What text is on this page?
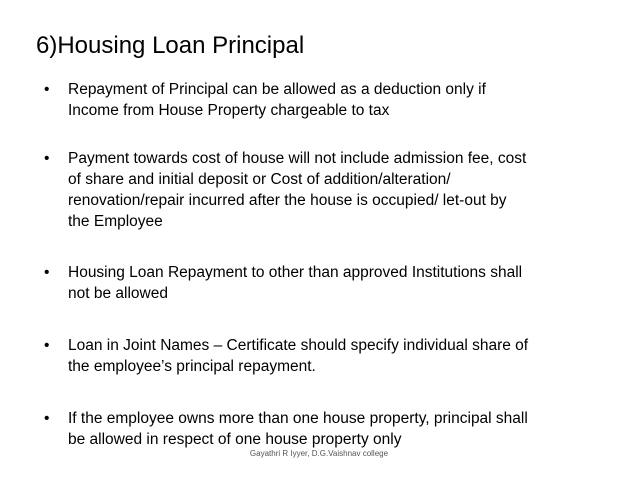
6)Housing Loan Principal
•	Repayment of Principal can be allowed as a deduction only if
Income from House Property chargeable to tax
•	Payment towards cost of house will not include admission fee, cost
of share and initial deposit or Cost of addition/alteration/
renovation/repair incurred after the house is occupied/ let-out by
the Employee
•	Housing Loan Repayment to other than approved Institutions shall
not be allowed
•	Loan in Joint Names – Certificate should specify individual share of
the employee’s principal repayment.
•	If the employee owns more than one house property, principal shall
be allowed in respect of one house property only
Gayathri R Iyyer, D.G.Vaishnav college
